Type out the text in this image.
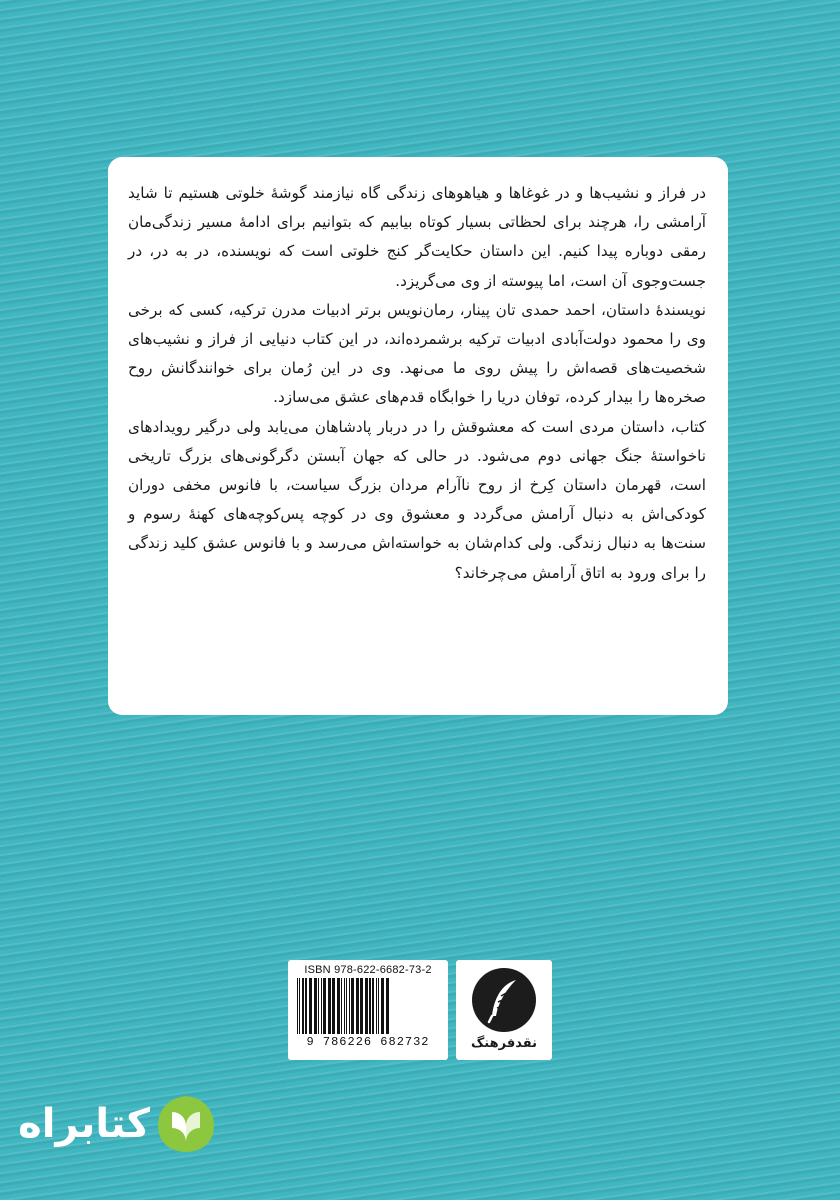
در فراز و نشیب‌ها و در غوغاها و هیاهوهای زندگی گاه نیازمند گوشهٔ خلوتی هستیم تا شاید آرامشی را، هرچند برای لحظاتی بسیار کوتاه بیابیم که بتوانیم برای ادامهٔ مسیر زندگی‌مان رمقی دوباره پیدا کنیم. این داستان حکایت‌گر کنج خلوتی است که نویسنده، در به در، در جست‌وجوی آن است، اما پیوسته از وی می‌گریزد.

نویسندهٔ داستان، احمد حمدی تان پینار، رمان‌نویس برتر ادبیات مدرن ترکیه، کسی که برخی وی را محمود دولت‌آبادی ادبیات ترکیه برشمرده‌اند، در این کتاب دنیایی از فراز و نشیب‌های شخصیت‌های قصه‌اش را پیش روی ما می‌نهد. وی در این رُمان برای خوانندگانش روح صخره‌ها را بیدار کرده، توفان دریا را خوابگاه قدم‌های عشق می‌سازد.

کتاب، داستان مردی است که معشوقش را در دربار پادشاهان می‌یابد ولی درگیر رویدادهای ناخواستهٔ جنگ جهانی دوم می‌شود. در حالی که جهان آبستن دگرگونی‌های بزرگ تاریخی است، قهرمان داستان کِرخ از روح ناآرام مردان بزرگ سیاست، با فانوس مخفی دوران کودکی‌اش به دنبال آرامش می‌گردد و معشوق وی در کوچه پس‌کوچه‌های کهنهٔ رسوم و سنت‌ها به دنبال زندگی. ولی کدام‌شان به خواسته‌اش می‌رسد و با فانوس عشق کلید زندگی را برای ورود به اتاق آرامش می‌چرخاند؟

ISBN 978-622-6682-73-2
9 786226 682732	نقدفرهنگ
کتابراه
